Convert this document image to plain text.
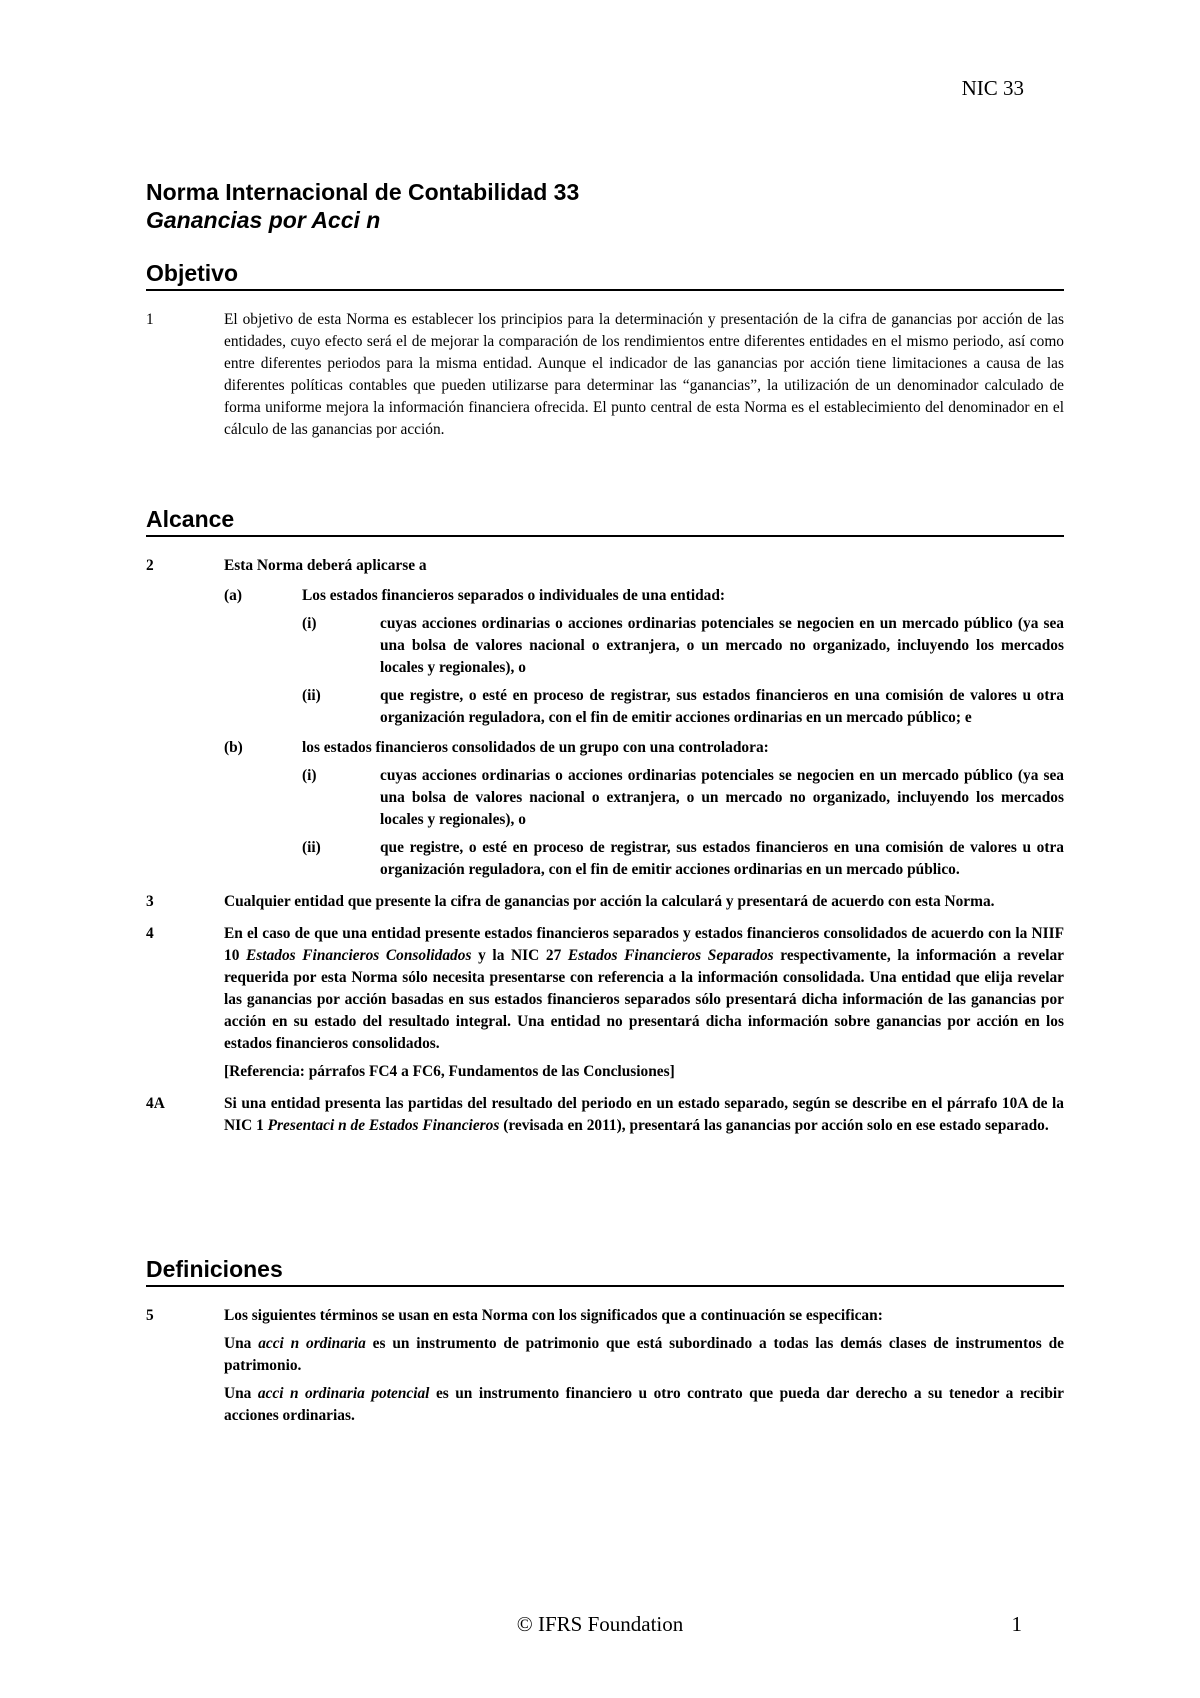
NIC 33
Norma Internacional de Contabilidad 33
Ganancias por Acci n
Objetivo
1	El objetivo de esta Norma es establecer los principios para la determinación y presentación de la cifra de ganancias por acción de las entidades, cuyo efecto será el de mejorar la comparación de los rendimientos entre diferentes entidades en el mismo periodo, así como entre diferentes periodos para la misma entidad. Aunque el indicador de las ganancias por acción tiene limitaciones a causa de las diferentes políticas contables que pueden utilizarse para determinar las “ganancias”, la utilización de un denominador calculado de forma uniforme mejora la información financiera ofrecida. El punto central de esta Norma es el establecimiento del denominador en el cálculo de las ganancias por acción.
Alcance
2	Esta Norma deberá aplicarse a
(a)	Los estados financieros separados o individuales de una entidad:
(i)	cuyas acciones ordinarias o acciones ordinarias potenciales se negocien en un mercado público (ya sea una bolsa de valores nacional o extranjera, o un mercado no organizado, incluyendo los mercados locales y regionales), o
(ii)	que registre, o esté en proceso de registrar, sus estados financieros en una comisión de valores u otra organización reguladora, con el fin de emitir acciones ordinarias en un mercado público; e
(b)	los estados financieros consolidados de un grupo con una controladora:
(i)	cuyas acciones ordinarias o acciones ordinarias potenciales se negocien en un mercado público (ya sea una bolsa de valores nacional o extranjera, o un mercado no organizado, incluyendo los mercados locales y regionales), o
(ii)	que registre, o esté en proceso de registrar, sus estados financieros en una comisión de valores u otra organización reguladora, con el fin de emitir acciones ordinarias en un mercado público.
3	Cualquier entidad que presente la cifra de ganancias por acción la calculará y presentará de acuerdo con esta Norma.
4	En el caso de que una entidad presente estados financieros separados y estados financieros consolidados de acuerdo con la NIIF 10 Estados Financieros Consolidados y la NIC 27 Estados Financieros Separados respectivamente, la información a revelar requerida por esta Norma sólo necesita presentarse con referencia a la información consolidada. Una entidad que elija revelar las ganancias por acción basadas en sus estados financieros separados sólo presentará dicha información de las ganancias por acción en su estado del resultado integral. Una entidad no presentará dicha información sobre ganancias por acción en los estados financieros consolidados.
[Referencia: párrafos FC4 a FC6, Fundamentos de las Conclusiones]
4A	Si una entidad presenta las partidas del resultado del periodo en un estado separado, según se describe en el párrafo 10A de la NIC 1 Presentaci n de Estados Financieros (revisada en 2011), presentará las ganancias por acción solo en ese estado separado.
Definiciones
5	Los siguientes términos se usan en esta Norma con los significados que a continuación se especifican:
Una acci n ordinaria es un instrumento de patrimonio que está subordinado a todas las demás clases de instrumentos de patrimonio.
Una acci n ordinaria potencial es un instrumento financiero u otro contrato que pueda dar derecho a su tenedor a recibir acciones ordinarias.
© IFRS Foundation	1
